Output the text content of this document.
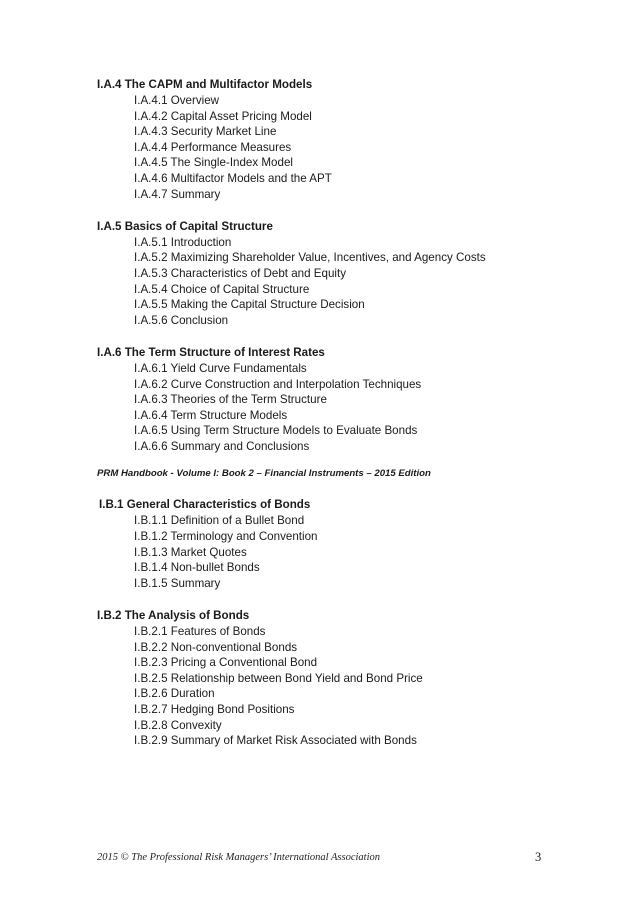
I.A.4 The CAPM and Multifactor Models
I.A.4.1 Overview
I.A.4.2 Capital Asset Pricing Model
I.A.4.3 Security Market Line
I.A.4.4 Performance Measures
I.A.4.5 The Single-Index Model
I.A.4.6 Multifactor Models and the APT
I.A.4.7 Summary
I.A.5 Basics of Capital Structure
I.A.5.1 Introduction
I.A.5.2 Maximizing Shareholder Value, Incentives, and Agency Costs
I.A.5.3 Characteristics of Debt and Equity
I.A.5.4 Choice of Capital Structure
I.A.5.5 Making the Capital Structure Decision
I.A.5.6 Conclusion
I.A.6 The Term Structure of Interest Rates
I.A.6.1 Yield Curve Fundamentals
I.A.6.2 Curve Construction and Interpolation Techniques
I.A.6.3 Theories of the Term Structure
I.A.6.4 Term Structure Models
I.A.6.5 Using Term Structure Models to Evaluate Bonds
I.A.6.6 Summary and Conclusions
PRM Handbook - Volume I: Book 2 – Financial Instruments – 2015 Edition
I.B.1 General Characteristics of Bonds
I.B.1.1 Definition of a Bullet Bond
I.B.1.2 Terminology and Convention
I.B.1.3 Market Quotes
I.B.1.4 Non-bullet Bonds
I.B.1.5 Summary
I.B.2 The Analysis of Bonds
I.B.2.1 Features of Bonds
I.B.2.2 Non-conventional Bonds
I.B.2.3 Pricing a Conventional Bond
I.B.2.5 Relationship between Bond Yield and Bond Price
I.B.2.6 Duration
I.B.2.7 Hedging Bond Positions
I.B.2.8 Convexity
I.B.2.9 Summary of Market Risk Associated with Bonds
2015 © The Professional Risk Managers’ International Association	3
